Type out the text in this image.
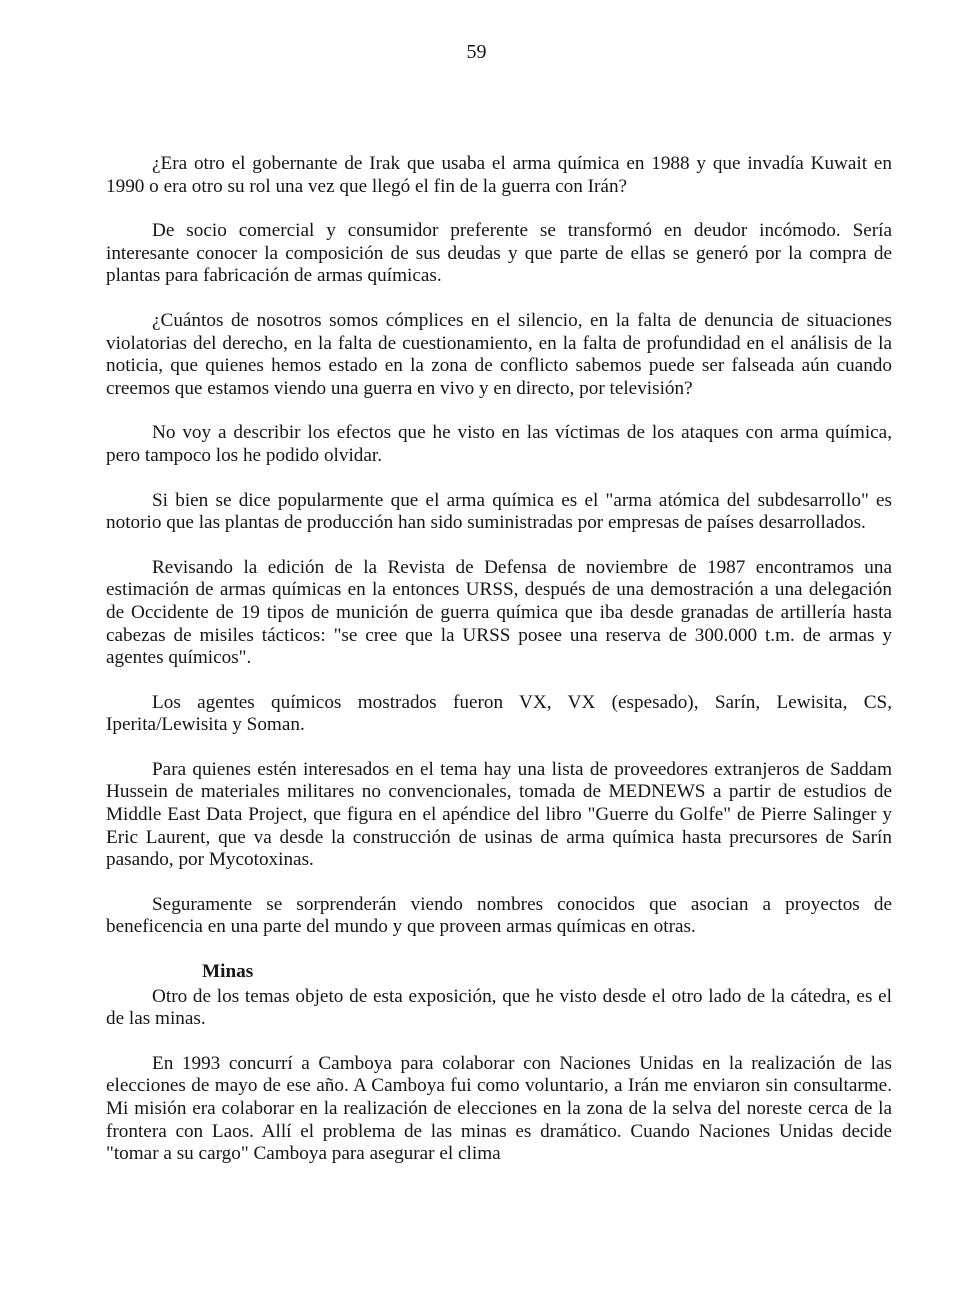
59

¿Era otro el gobernante de Irak que usaba el arma química en 1988 y que invadía Kuwait en 1990 o era otro su rol una vez que llegó el fin de la guerra con Irán?

De socio comercial y consumidor preferente se transformó en deudor incómodo. Sería interesante conocer la composición de sus deudas y que parte de ellas se generó por la compra de plantas para fabricación de armas químicas.

¿Cuántos de nosotros somos cómplices en el silencio, en la falta de denuncia de situaciones violatorias del derecho, en la falta de cuestionamiento, en la falta de profundidad en el análisis de la noticia, que quienes hemos estado en la zona de conflicto sabemos puede ser falseada aún cuando creemos que estamos viendo una guerra en vivo y en directo, por televisión?

No voy a describir los efectos que he visto en las víctimas de los ataques con arma química, pero tampoco los he podido olvidar.

Si bien se dice popularmente que el arma química es el "arma atómica del subdesarrollo" es notorio que las plantas de producción han sido suministradas por empresas de países desarrollados.

Revisando la edición de la Revista de Defensa de noviembre de 1987 encontramos una estimación de armas químicas en la entonces URSS, después de una demostración a una delegación de Occidente de 19 tipos de munición de guerra química que iba desde granadas de artillería hasta cabezas de misiles tácticos: "se cree que la URSS posee una reserva de 300.000 t.m. de armas y agentes químicos".

Los agentes químicos mostrados fueron VX, VX (espesado), Sarín, Lewisita, CS, Iperita/Lewisita y Soman.

Para quienes estén interesados en el tema hay una lista de proveedores extranjeros de Saddam Hussein de materiales militares no convencionales, tomada de MEDNEWS a partir de estudios de Middle East Data Project, que figura en el apéndice del libro "Guerre du Golfe" de Pierre Salinger y Eric Laurent, que va desde la construcción de usinas de arma química hasta precursores de Sarín pasando, por Mycotoxinas.

Seguramente se sorprenderán viendo nombres conocidos que asocian a proyectos de beneficencia en una parte del mundo y que proveen armas químicas en otras.

Minas

Otro de los temas objeto de esta exposición, que he visto desde el otro lado de la cátedra, es el de las minas.

En 1993 concurrí a Camboya para colaborar con Naciones Unidas en la realización de las elecciones de mayo de ese año. A Camboya fui como voluntario, a Irán me enviaron sin consultarme. Mi misión era colaborar en la realización de elecciones en la zona de la selva del noreste cerca de la frontera con Laos. Allí el problema de las minas es dramático. Cuando Naciones Unidas decide "tomar a su cargo" Camboya para asegurar el clima
